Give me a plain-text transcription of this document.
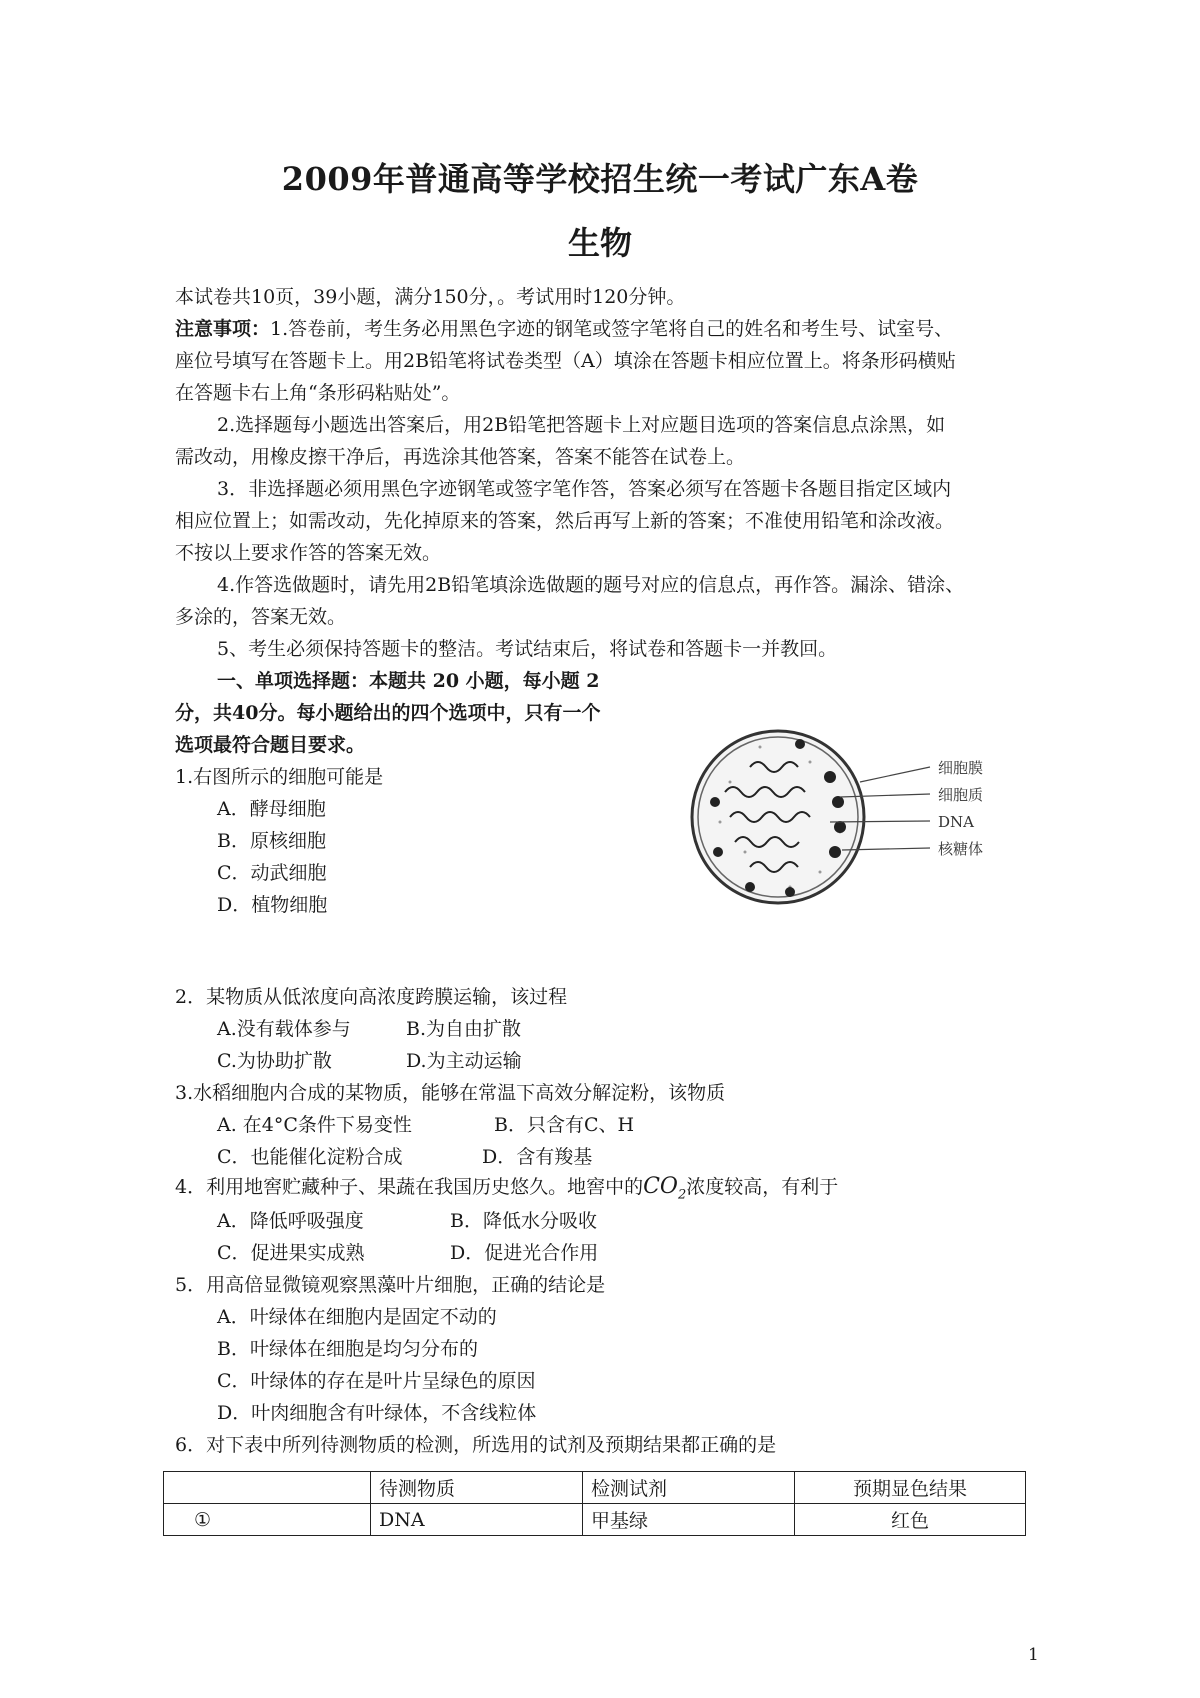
2009年普通高等学校招生统一考试广东A卷
生物
本试卷共10页，39小题，满分150分，。考试用时120分钟。
注意事项：1.答卷前，考生务必用黑色字迹的钢笔或签字笔将自己的姓名和考生号、试室号、
座位号填写在答题卡上。用2B铅笔将试卷类型（A）填涂在答题卡相应位置上。将条形码横贴
在答题卡右上角“条形码粘贴处”。
2.选择题每小题选出答案后，用2B铅笔把答题卡上对应题目选项的答案信息点涂黑，如
需改动，用橡皮擦干净后，再选涂其他答案，答案不能答在试卷上。
3．非选择题必须用黑色字迹钢笔或签字笔作答，答案必须写在答题卡各题目指定区域内
相应位置上；如需改动，先化掉原来的答案，然后再写上新的答案；不准使用铅笔和涂改液。
不按以上要求作答的答案无效。
4.作答选做题时，请先用2B铅笔填涂选做题的题号对应的信息点，再作答。漏涂、错涂、
多涂的，答案无效。
5、考生必须保持答题卡的整洁。考试结束后，将试卷和答题卡一并教回。
一、单项选择题：本题共 20 小题，每小题 2
分，共40分。每小题给出的四个选项中，只有一个
选项最符合题目要求。
1.右图所示的细胞可能是
A．酵母细胞
B．原核细胞
C．动武细胞
D．植物细胞
细胞膜
细胞质
DNA
核糖体
2．某物质从低浓度向高浓度跨膜运输，该过程
A.没有载体参与	B.为自由扩散
C.为协助扩散	D.为主动运输
3.水稻细胞内合成的某物质，能够在常温下高效分解淀粉，该物质
A. 在4°C条件下易变性	B．只含有C、H
C．也能催化淀粉合成	D．含有羧基
4．利用地窖贮藏种子、果蔬在我国历史悠久。地窖中的$CO_2$浓度较高，有利于
A．降低呼吸强度	B．降低水分吸收
C．促进果实成熟	D．促进光合作用
5．用高倍显微镜观察黑藻叶片细胞，正确的结论是
A．叶绿体在细胞内是固定不动的
B．叶绿体在细胞是均匀分布的
C．叶绿体的存在是叶片呈绿色的原因
D．叶肉细胞含有叶绿体，不含线粒体
6．对下表中所列待测物质的检测，所选用的试剂及预期结果都正确的是
	待测物质	检测试剂	预期显色结果
①	DNA	甲基绿	红色
1
